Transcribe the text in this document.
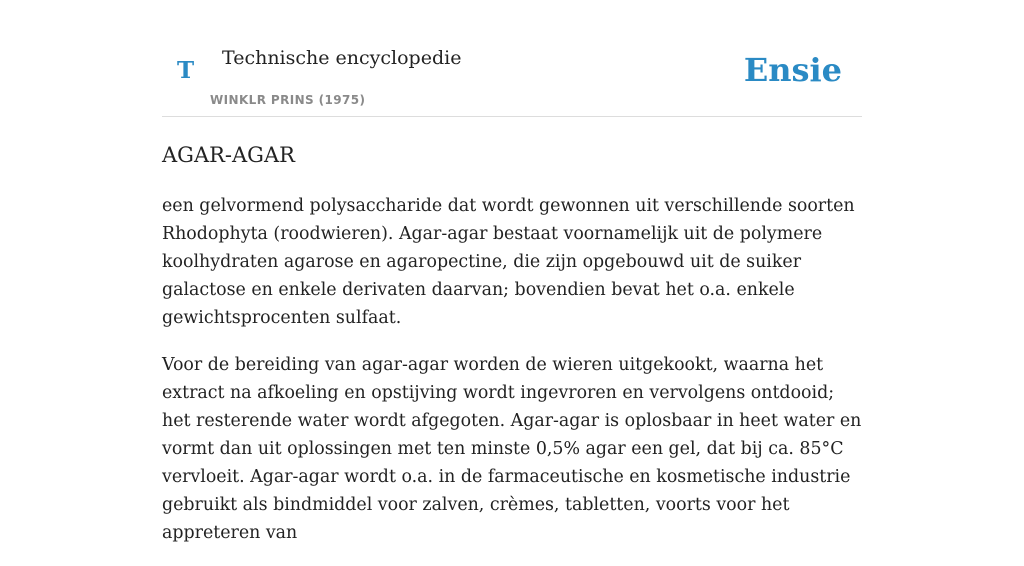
T Technische encyclopedie
WINKLR PRINS (1975)
Ensie
AGAR-AGAR

een gelvormend polysaccharide dat wordt gewonnen uit verschillende soorten Rhodophyta (roodwieren). Agar-agar bestaat voornamelijk uit de polymere koolhydraten agarose en agaropectine, die zijn opgebouwd uit de suiker galactose en enkele derivaten daarvan; bovendien bevat het o.a. enkele gewichtsprocenten sulfaat.

Voor de bereiding van agar-agar worden de wieren uitgekookt, waarna het extract na afkoeling en opstijving wordt ingevroren en vervolgens ontdooid; het resterende water wordt afgegoten. Agar-agar is oplosbaar in heet water en vormt dan uit oplossingen met ten minste 0,5% agar een gel, dat bij ca. 85°C vervloeit. Agar-agar wordt o.a. in de farmaceutische en kosmetische industrie gebruikt als bindmiddel voor zalven, crèmes, tabletten, voorts voor het appreteren van
